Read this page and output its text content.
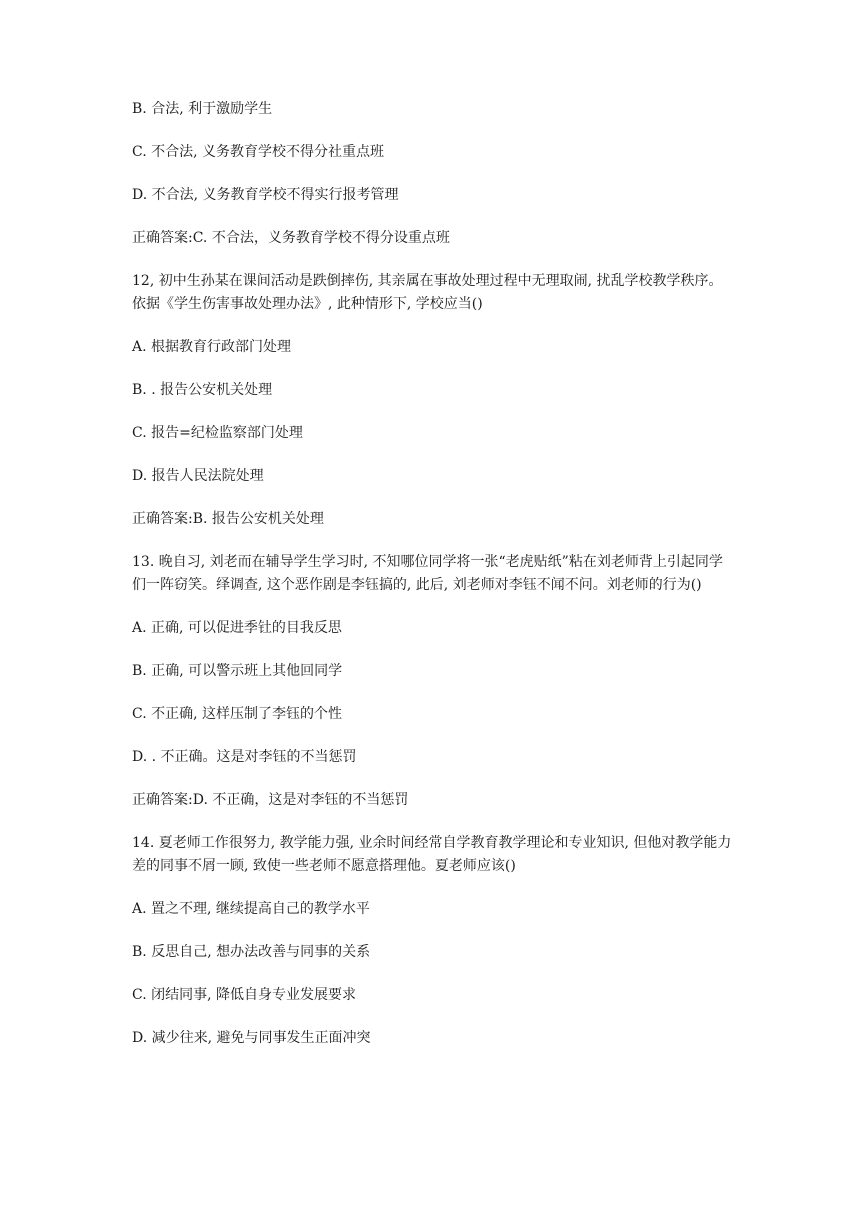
B. 合法, 利于激励学生

C. 不合法, 义务教育学校不得分社重点班

D. 不合法, 义务教育学校不得实行报考管理

正确答案:C. 不合法，义务教育学校不得分设重点班

12, 初中生孙某在课间活动是跌倒摔伤, 其亲属在事故处理过程中无理取闹, 扰乱学校教学秩序。依据《学生伤害事故处理办法》, 此种情形下, 学校应当()

A. 根据教育行政部门处理

B. . 报告公安机关处理

C. 报告=纪检监察部门处理

D. 报告人民法院处理

正确答案:B. 报告公安机关处理

13. 晚自习, 刘老而在辅导学生学习时, 不知哪位同学将一张“老虎贴纸”粘在刘老师背上引起同学们一阵窃笑。绎调查, 这个恶作剧是李钰搞的, 此后, 刘老师对李钰不闻不问。刘老师的行为()

A. 正确, 可以促进季钍的目我反思

B. 正确, 可以警示班上其他回同学

C. 不正确, 这样压制了李钰的个性

D. . 不正确。这是对李钰的不当惩罚

正确答案:D. 不正确，这是对李钰的不当惩罚

14. 夏老师工作很努力, 教学能力强, 业余时间经常自学教育教学理论和专业知识, 但他对教学能力差的同事不屑一顾, 致使一些老师不愿意搭理他。夏老师应该()

A. 置之不理, 继续提高自己的教学水平

B. 反思自己, 想办法改善与同事的关系

C. 闭结同事, 降低自身专业发展要求

D. 减少往来, 避免与同事发生正面冲突
